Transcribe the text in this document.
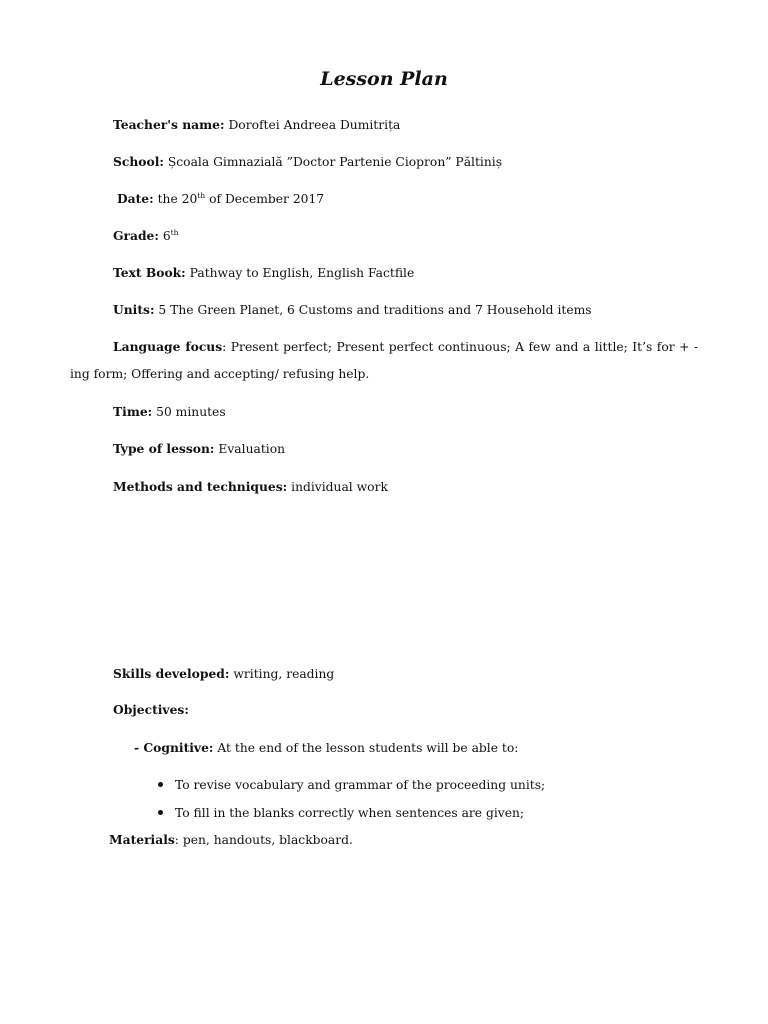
Lesson Plan
Teacher's name: Doroftei Andreea Dumitrița
School: Școala Gimnazială ”Doctor Partenie Ciopron” Păltiniș
Date: the 20th of December 2017
Grade: 6th
Text Book: Pathway to English, English Factfile
Units: 5 The Green Planet, 6 Customs and traditions and 7 Household items
Language focus: Present perfect; Present perfect continuous; A few and a little; It’s for + -ing form; Offering and accepting/ refusing help.
Time: 50 minutes
Type of lesson: Evaluation
Methods and techniques: individual work
Skills developed: writing, reading
Objectives:
- Cognitive: At the end of the lesson students will be able to:
To revise vocabulary and grammar of the proceeding units;
To fill in the blanks correctly when sentences are given;
Materials: pen, handouts, blackboard.
